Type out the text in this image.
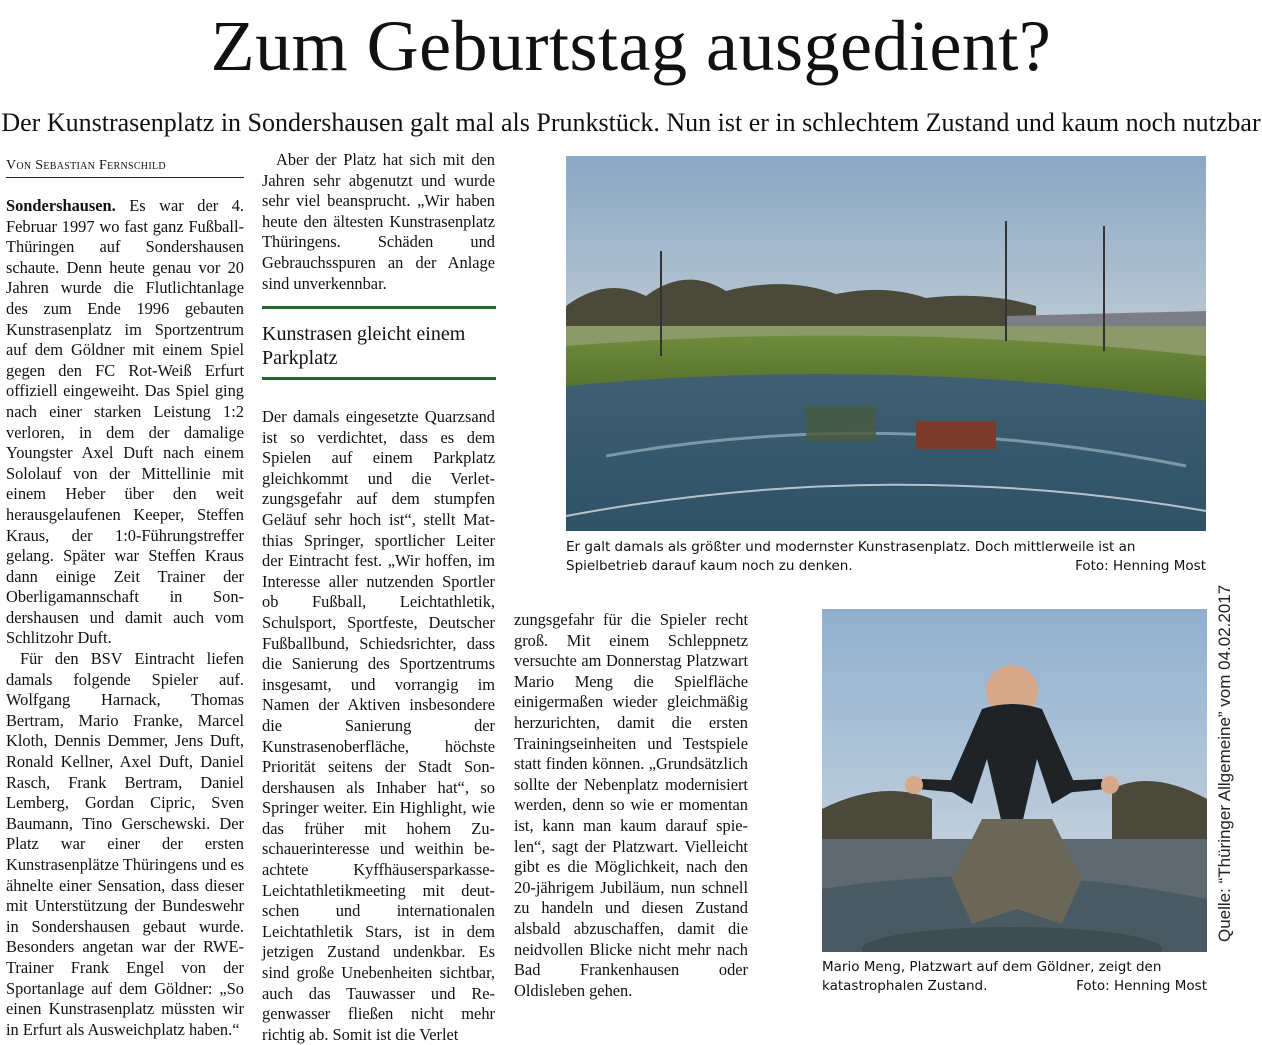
Zum Geburtstag ausgedient?
Der Kunstrasenplatz in Sondershausen galt mal als Prunkstück. Nun ist er in schlechtem Zustand und kaum noch nutzbar
Von Sebastian Fernschild

Sondershausen. Es war der 4. Februar 1997 wo fast ganz Fußball-Thüringen auf Sondershausen schaute. Denn heute genau vor 20 Jahren wurde die Flutlichtanlage des zum Ende 1996 gebauten Kunstrasenplatz im Sportzentrum auf dem Göldner mit einem Spiel gegen den FC Rot-Weiß Erfurt offiziell eingeweiht. Das Spiel ging nach einer starken Leistung 1:2 verloren, in dem der damalige Youngster Axel Duft nach einem Sololauf von der Mittellinie mit einem Heber über den weit herausgelaufenen Keeper, Steffen Kraus, der 1:0-Führungstreffer gelang. Später war Steffen Kraus dann einige Zeit Trainer der Oberligamannschaft in Sondershausen und damit auch vom Schlitzohr Duft.

Für den BSV Eintracht liefen damals folgende Spieler auf. Wolfgang Harnack, Thomas Bertram, Mario Franke, Marcel Kloth, Dennis Demmer, Jens Duft, Ronald Kellner, Axel Duft, Daniel Rasch, Frank Bertram, Daniel Lemberg, Gordan Cipric, Sven Baumann, Tino Gerschewski. Der Platz war einer der ersten Kunstrasenplätze Thüringens und es ähnelte einer Sensation, dass dieser mit Unterstützung der Bundeswehr in Sondershausen gebaut wurde. Besonders angetan war der RWE-Trainer Frank Engel von der Sportanlage auf dem Göldner: „So einen Kunstrasenplatz müssten wir in Erfurt als Ausweichplatz haben.“

Aber der Platz hat sich mit den Jahren sehr abgenutzt und wurde sehr viel beansprucht. „Wir haben heute den ältesten Kunstrasenplatz Thüringens. Schäden und Gebrauchsspuren an der Anlage sind unverkennbar.

Kunstrasen gleicht einem Parkplatz

Der damals eingesetzte Quarzsand ist so verdichtet, dass es dem Spielen auf einem Parkplatz gleichkommt und die Verletzungsgefahr auf dem stumpfen Geläuf sehr hoch ist“, stellt Matthias Springer, sportlicher Leiter der Eintracht fest. „Wir hoffen, im Interesse aller nutzenden Sportler ob Fußball, Leichtathletik, Schulsport, Sportfeste, Deutscher Fußballbund, Schiedsrichter, dass die Sanierung des Sportzentrums insgesamt, und vorrangig im Namen der Aktiven insbesondere die Sanierung der Kunstrasenoberfläche, höchste Priorität seitens der Stadt Sondershausen als Inhaber hat“, so Springer weiter. Ein Highlight, wie das früher mit hohem Zuschauerinteresse und weithin beachtete Kyffhäusersparkasse-Leichtathletikmeeting mit deutschen und internationalen Leichtathletik Stars, ist in dem jetzigen Zustand undenkbar. Es sind große Unebenheiten sichtbar, auch das Tauwasser und Regenwasser fließen nicht mehr richtig ab. Somit ist die Verlet

zungsgefahr für die Spieler recht groß. Mit einem Schleppnetz versuchte am Donnerstag Platzwart Mario Meng die Spielfläche einigermaßen wieder gleichmäßig herzurichten, damit die ersten Trainingseinheiten und Testspiele statt finden können. „Grundsätzlich sollte der Nebenplatz modernisiert werden, denn so wie er momentan ist, kann man kaum darauf spielen“, sagt der Platzwart. Vielleicht gibt es die Möglichkeit, nach den 20-jährigem Jubiläum, nun schnell zu handeln und diesen Zustand alsbald abzuschaffen, damit die neidvollen Blicke nicht mehr nach Bad Frankenhausen oder Oldisleben gehen.

Er galt damals als größter und modernster Kunstrasenplatz. Doch mittlerweile ist an
Spielbetrieb darauf kaum noch zu denken.	Foto: Henning Most
Mario Meng, Platzwart auf dem Göldner, zeigt den
katastrophalen Zustand.	Foto: Henning Most
Quelle: “Thüringer Allgemeine” vom 04.02.2017
